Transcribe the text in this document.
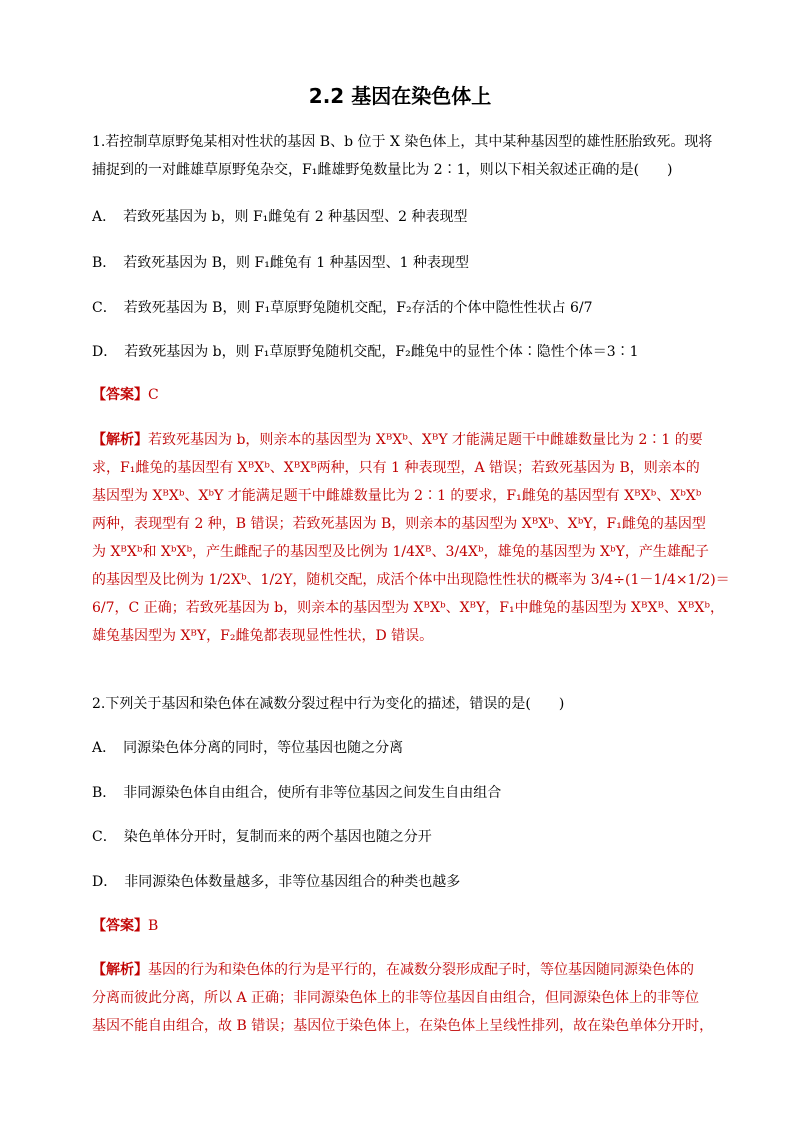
2.2 基因在染色体上
1.若控制草原野兔某相对性状的基因 B、b 位于 X 染色体上，其中某种基因型的雄性胚胎致死。现将
捕捉到的一对雌雄草原野兔杂交，F₁雌雄野兔数量比为 2∶1，则以下相关叙述正确的是(　　)
A．　若致死基因为 b，则 F₁雌兔有 2 种基因型、2 种表现型
B．　若致死基因为 B，则 F₁雌兔有 1 种基因型、1 种表现型
C．　若致死基因为 B，则 F₁草原野兔随机交配，F₂存活的个体中隐性性状占 6/7
D．　若致死基因为 b，则 F₁草原野兔随机交配，F₂雌兔中的显性个体∶隐性个体＝3∶1
【答案】C
【解析】若致死基因为 b，则亲本的基因型为 XᴮXᵇ、XᴮY 才能满足题干中雌雄数量比为 2∶1 的要
求，F₁雌兔的基因型有 XᴮXᵇ、XᴮXᴮ两种，只有 1 种表现型，A 错误；若致死基因为 B，则亲本的
基因型为 XᴮXᵇ、XᵇY 才能满足题干中雌雄数量比为 2∶1 的要求，F₁雌兔的基因型有 XᴮXᵇ、XᵇXᵇ
两种，表现型有 2 种，B 错误；若致死基因为 B，则亲本的基因型为 XᴮXᵇ、XᵇY，F₁雌兔的基因型
为 XᴮXᵇ和 XᵇXᵇ，产生雌配子的基因型及比例为 1/4Xᴮ、3/4Xᵇ，雄兔的基因型为 XᵇY，产生雄配子
的基因型及比例为 1/2Xᵇ、1/2Y，随机交配，成活个体中出现隐性性状的概率为 3/4÷(1－1/4×1/2)＝
6/7，C 正确；若致死基因为 b，则亲本的基因型为 XᴮXᵇ、XᴮY，F₁中雌兔的基因型为 XᴮXᴮ、XᴮXᵇ，
雄兔基因型为 XᴮY，F₂雌兔都表现显性性状，D 错误。
2.下列关于基因和染色体在减数分裂过程中行为变化的描述，错误的是(　　)
A．　同源染色体分离的同时，等位基因也随之分离
B．　非同源染色体自由组合，使所有非等位基因之间发生自由组合
C．　染色单体分开时，复制而来的两个基因也随之分开
D．　非同源染色体数量越多，非等位基因组合的种类也越多
【答案】B
【解析】基因的行为和染色体的行为是平行的，在减数分裂形成配子时，等位基因随同源染色体的
分离而彼此分离，所以 A 正确；非同源染色体上的非等位基因自由组合，但同源染色体上的非等位
基因不能自由组合，故 B 错误；基因位于染色体上，在染色体上呈线性排列，故在染色单体分开时，
